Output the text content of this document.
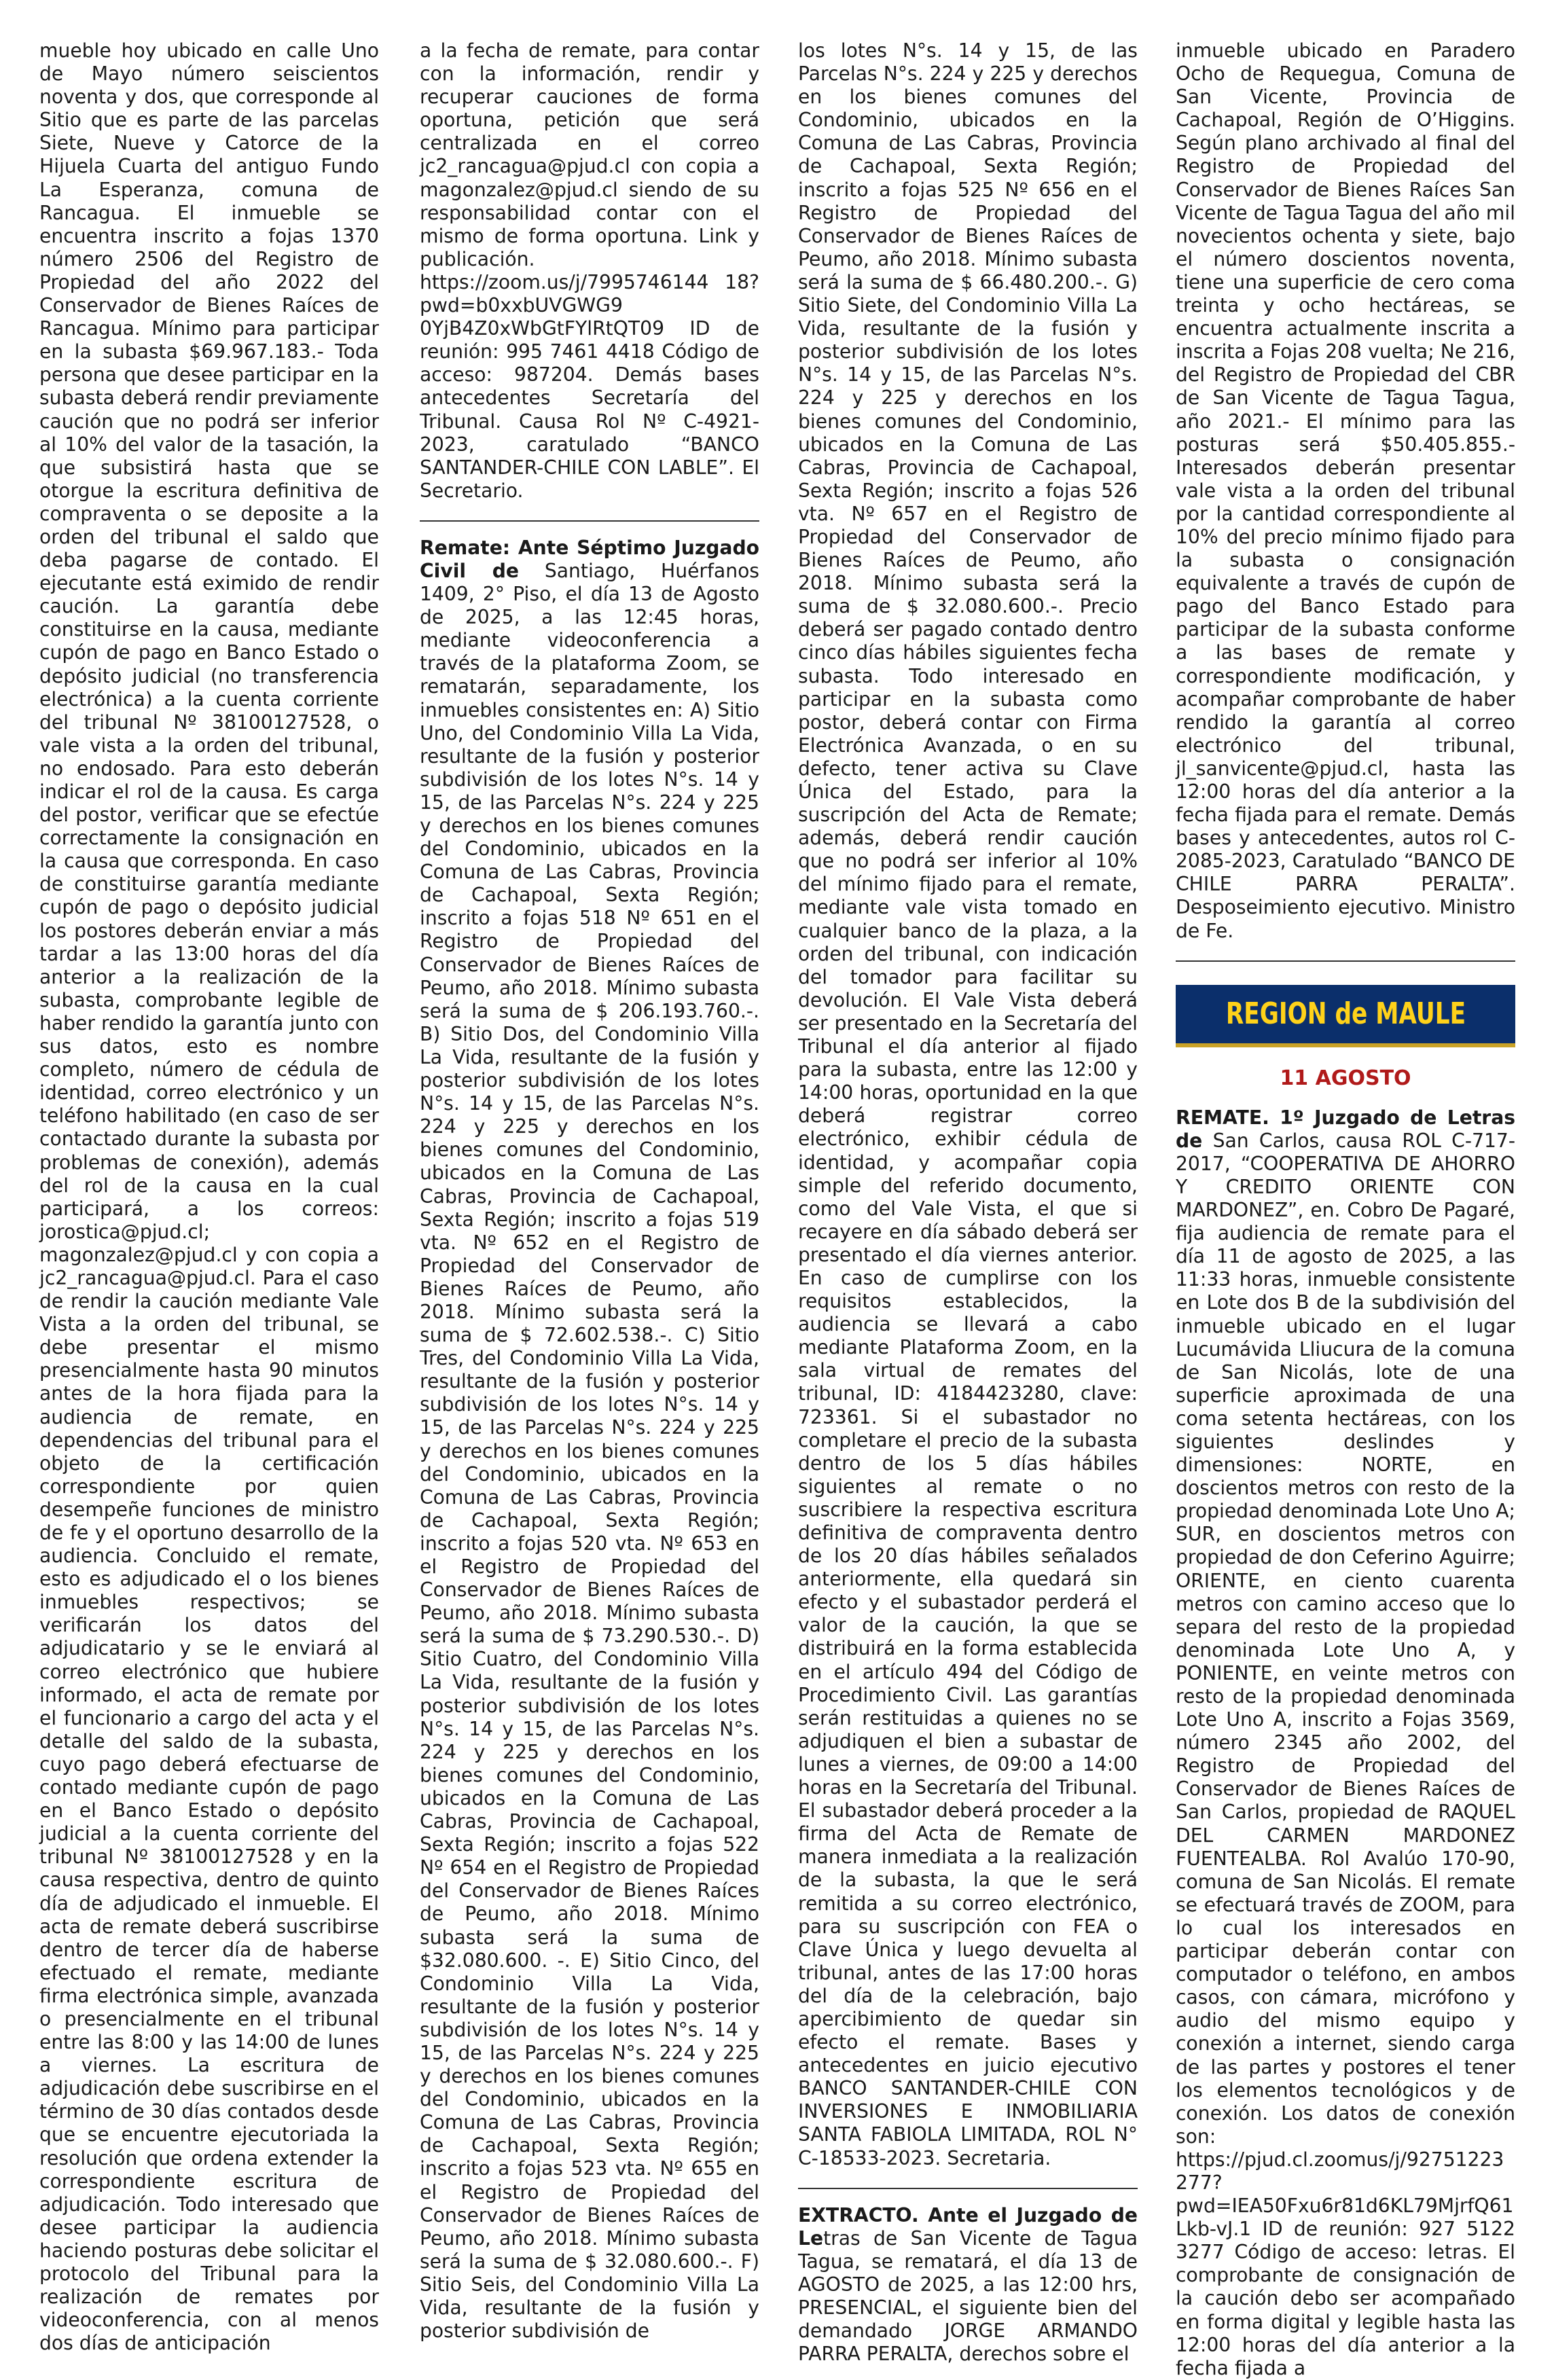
mueble hoy ubicado en calle Uno de Mayo número seiscientos noventa y dos, que corresponde al Sitio que es parte de las parcelas Siete, Nueve y Catorce de la Hijuela Cuarta del antiguo Fundo La Esperanza, comuna de Rancagua. El inmueble se encuentra inscrito a fojas 1370 número 2506 del Registro de Propiedad del año 2022 del Conservador de Bienes Raíces de Rancagua. Mínimo para participar en la subasta $69.967.183.- Toda persona que desee participar en la subasta deberá rendir previamente caución que no podrá ser inferior al 10% del valor de la tasación, la que subsistirá hasta que se otorgue la escritura definitiva de compraventa o se deposite a la orden del tribunal el saldo que deba pagarse de contado. El ejecutante está eximido de rendir caución. La garantía debe constituirse en la causa, mediante cupón de pago en Banco Estado o depósito judicial (no transferencia electrónica) a la cuenta corriente del tribunal Nº 38100127528, o vale vista a la orden del tribunal, no endosado. Para esto deberán indicar el rol de la causa. Es carga del postor, verificar que se efectúe correctamente la consignación en la causa que corresponda. En caso de constituirse garantía mediante cupón de pago o depósito judicial los postores deberán enviar a más tardar a las 13:00 horas del día anterior a la realización de la subasta, comprobante legible de haber rendido la garantía junto con sus datos, esto es nombre completo, número de cédula de identidad, correo electrónico y un teléfono habilitado (en caso de ser contactado durante la subasta por problemas de conexión), además del rol de la causa en la cual participará, a los correos: jorostica@pjud.cl; magonzalez@pjud.cl y con copia a jc2_rancagua@pjud.cl. Para el caso de rendir la caución mediante Vale Vista a la orden del tribunal, se debe presentar el mismo presencialmente hasta 90 minutos antes de la hora fijada para la audiencia de remate, en dependencias del tribunal para el objeto de la certificación correspondiente por quien desempeñe funciones de ministro de fe y el oportuno desarrollo de la audiencia. Concluido el remate, esto es adjudicado el o los bienes inmuebles respectivos; se verificarán los datos del adjudicatario y se le enviará al correo electrónico que hubiere informado, el acta de remate por el funcionario a cargo del acta y el detalle del saldo de la subasta, cuyo pago deberá efectuarse de contado mediante cupón de pago en el Banco Estado o depósito judicial a la cuenta corriente del tribunal Nº 38100127528 y en la causa respectiva, dentro de quinto día de adjudicado el inmueble. El acta de remate deberá suscribirse dentro de tercer día de haberse efectuado el remate, mediante firma electrónica simple, avanzada o presencialmente en el tribunal entre las 8:00 y las 14:00 de lunes a viernes. La escritura de adjudicación debe suscribirse en el término de 30 días contados desde que se encuentre ejecutoriada la resolución que ordena extender la correspondiente escritura de adjudicación. Todo interesado que desee participar la audiencia haciendo posturas debe solicitar el protocolo del Tribunal para la realización de remates por videoconferencia, con al menos dos días de anticipación

a la fecha de remate, para contar con la información, rendir y recuperar cauciones de forma oportuna, petición que será centralizada en el correo jc2_rancagua@pjud.cl con copia a magonzalez@pjud.cl siendo de su responsabilidad contar con el mismo de forma oportuna. Link y publicación. https://zoom.us/j/7995746144 18?pwd=b0xxbUVGWG9 0YjB4Z0xWbGtFYlRtQT09 ID de reunión: 995 7461 4418 Código de acceso: 987204. Demás bases antecedentes Secretaría del Tribunal. Causa Rol Nº C-4921-2023, caratulado “BANCO SANTANDER-CHILE CON LABLE”. El Secretario.

Remate: Ante Séptimo Juzgado Civil de Santiago, Huérfanos 1409, 2° Piso, el día 13 de Agosto de 2025, a las 12:45 horas, mediante videoconferencia a través de la plataforma Zoom, se rematarán, separadamente, los inmuebles consistentes en: A) Sitio Uno, del Condominio Villa La Vida, resultante de la fusión y posterior subdivisión de los lotes N°s. 14 y 15, de las Parcelas N°s. 224 y 225 y derechos en los bienes comunes del Condominio, ubicados en la Comuna de Las Cabras, Provincia de Cachapoal, Sexta Región; inscrito a fojas 518 Nº 651 en el Registro de Propiedad del Conservador de Bienes Raíces de Peumo, año 2018. Mínimo subasta será la suma de $ 206.193.760.-. B) Sitio Dos, del Condominio Villa La Vida, resultante de la fusión y posterior subdivisión de los lotes N°s. 14 y 15, de las Parcelas N°s. 224 y 225 y derechos en los bienes comunes del Condominio, ubicados en la Comuna de Las Cabras, Provincia de Cachapoal, Sexta Región; inscrito a fojas 519 vta. Nº 652 en el Registro de Propiedad del Conservador de Bienes Raíces de Peumo, año 2018. Mínimo subasta será la suma de $ 72.602.538.-. C) Sitio Tres, del Condominio Villa La Vida, resultante de la fusión y posterior subdivisión de los lotes N°s. 14 y 15, de las Parcelas N°s. 224 y 225 y derechos en los bienes comunes del Condominio, ubicados en la Comuna de Las Cabras, Provincia de Cachapoal, Sexta Región; inscrito a fojas 520 vta. Nº 653 en el Registro de Propiedad del Conservador de Bienes Raíces de Peumo, año 2018. Mínimo subasta será la suma de $ 73.290.530.-. D) Sitio Cuatro, del Condominio Villa La Vida, resultante de la fusión y posterior subdivisión de los lotes N°s. 14 y 15, de las Parcelas N°s. 224 y 225 y derechos en los bienes comunes del Condominio, ubicados en la Comuna de Las Cabras, Provincia de Cachapoal, Sexta Región; inscrito a fojas 522 Nº 654 en el Registro de Propiedad del Conservador de Bienes Raíces de Peumo, año 2018. Mínimo subasta será la suma de $32.080.600. -. E) Sitio Cinco, del Condominio Villa La Vida, resultante de la fusión y posterior subdivisión de los lotes N°s. 14 y 15, de las Parcelas N°s. 224 y 225 y derechos en los bienes comunes del Condominio, ubicados en la Comuna de Las Cabras, Provincia de Cachapoal, Sexta Región; inscrito a fojas 523 vta. Nº 655 en el Registro de Propiedad del Conservador de Bienes Raíces de Peumo, año 2018. Mínimo subasta será la suma de $ 32.080.600.-. F) Sitio Seis, del Condominio Villa La Vida, resultante de la fusión y posterior subdivisión de

los lotes N°s. 14 y 15, de las Parcelas N°s. 224 y 225 y derechos en los bienes comunes del Condominio, ubicados en la Comuna de Las Cabras, Provincia de Cachapoal, Sexta Región; inscrito a fojas 525 Nº 656 en el Registro de Propiedad del Conservador de Bienes Raíces de Peumo, año 2018. Mínimo subasta será la suma de $ 66.480.200.-. G) Sitio Siete, del Condominio Villa La Vida, resultante de la fusión y posterior subdivisión de los lotes N°s. 14 y 15, de las Parcelas N°s. 224 y 225 y derechos en los bienes comunes del Condominio, ubicados en la Comuna de Las Cabras, Provincia de Cachapoal, Sexta Región; inscrito a fojas 526 vta. Nº 657 en el Registro de Propiedad del Conservador de Bienes Raíces de Peumo, año 2018. Mínimo subasta será la suma de $ 32.080.600.-. Precio deberá ser pagado contado dentro cinco días hábiles siguientes fecha subasta. Todo interesado en participar en la subasta como postor, deberá contar con Firma Electrónica Avanzada, o en su defecto, tener activa su Clave Única del Estado, para la suscripción del Acta de Remate; además, deberá rendir caución que no podrá ser inferior al 10% del mínimo fijado para el remate, mediante vale vista tomado en cualquier banco de la plaza, a la orden del tribunal, con indicación del tomador para facilitar su devolución. El Vale Vista deberá ser presentado en la Secretaría del Tribunal el día anterior al fijado para la subasta, entre las 12:00 y 14:00 horas, oportunidad en la que deberá registrar correo electrónico, exhibir cédula de identidad, y acompañar copia simple del referido documento, como del Vale Vista, el que si recayere en día sábado deberá ser presentado el día viernes anterior. En caso de cumplirse con los requisitos establecidos, la audiencia se llevará a cabo mediante Plataforma Zoom, en la sala virtual de remates del tribunal, ID: 4184423280, clave: 723361. Si el subastador no completare el precio de la subasta dentro de los 5 días hábiles siguientes al remate o no suscribiere la respectiva escritura definitiva de compraventa dentro de los 20 días hábiles señalados anteriormente, ella quedará sin efecto y el subastador perderá el valor de la caución, la que se distribuirá en la forma establecida en el artículo 494 del Código de Procedimiento Civil. Las garantías serán restituidas a quienes no se adjudiquen el bien a subastar de lunes a viernes, de 09:00 a 14:00 horas en la Secretaría del Tribunal. El subastador deberá proceder a la firma del Acta de Remate de manera inmediata a la realización de la subasta, la que le será remitida a su correo electrónico, para su suscripción con FEA o Clave Única y luego devuelta al tribunal, antes de las 17:00 horas del día de la celebración, bajo apercibimiento de quedar sin efecto el remate. Bases y antecedentes en juicio ejecutivo BANCO SANTANDER-CHILE CON INVERSIONES E INMOBILIARIA SANTA FABIOLA LIMITADA, ROL N° C-18533-2023. Secretaria.

EXTRACTO. Ante el Juzgado de Letras de San Vicente de Tagua Tagua, se rematará, el día 13 de AGOSTO de 2025, a las 12:00 hrs, PRESENCIAL, el siguiente bien del demandado JORGE ARMANDO PARRA PERALTA, derechos sobre el

inmueble ubicado en Paradero Ocho de Requegua, Comuna de San Vicente, Provincia de Cachapoal, Región de O’Higgins. Según plano archivado al final del Registro de Propiedad del Conservador de Bienes Raíces San Vicente de Tagua Tagua del año mil novecientos ochenta y siete, bajo el número doscientos noventa, tiene una superficie de cero coma treinta y ocho hectáreas, se encuentra actualmente inscrita a inscrita a Fojas 208 vuelta; Ne 216, del Registro de Propiedad del CBR de San Vicente de Tagua Tagua, año 2021.- El mínimo para las posturas será $50.405.855.-Interesados deberán presentar vale vista a la orden del tribunal por la cantidad correspondiente al 10% del precio mínimo fijado para la subasta o consignación equivalente a través de cupón de pago del Banco Estado para participar de la subasta conforme a las bases de remate y correspondiente modificación, y acompañar comprobante de haber rendido la garantía al correo electrónico del tribunal, jl_sanvicente@pjud.cl, hasta las 12:00 horas del día anterior a la fecha fijada para el remate. Demás bases y antecedentes, autos rol C-2085-2023, Caratulado “BANCO DE CHILE PARRA PERALTA”. Desposeimiento ejecutivo. Ministro de Fe.

REGION de MAULE
11 AGOSTO

REMATE. 1º Juzgado de Letras de San Carlos, causa ROL C-717-2017, “COOPERATIVA DE AHORRO Y CREDITO ORIENTE CON MARDONEZ”, en. Cobro De Pagaré, fija audiencia de remate para el día 11 de agosto de 2025, a las 11:33 horas, inmueble consistente en Lote dos B de la subdivisión del inmueble ubicado en el lugar Lucumávida Lliucura de la comuna de San Nicolás, lote de una superficie aproximada de una coma setenta hectáreas, con los siguientes deslindes y dimensiones: NORTE, en doscientos metros con resto de la propiedad denominada Lote Uno A; SUR, en doscientos metros con propiedad de don Ceferino Aguirre; ORIENTE, en ciento cuarenta metros con camino acceso que lo separa del resto de la propiedad denominada Lote Uno A, y PONIENTE, en veinte metros con resto de la propiedad denominada Lote Uno A, inscrito a Fojas 3569, número 2345 año 2002, del Registro de Propiedad del Conservador de Bienes Raíces de San Carlos, propiedad de RAQUEL DEL CARMEN MARDONEZ FUENTEALBA. Rol Avalúo 170-90, comuna de San Nicolás. El remate se efectuará través de ZOOM, para lo cual los interesados en participar deberán contar con computador o teléfono, en ambos casos, con cámara, micrófono y audio del mismo equipo y conexión a internet, siendo carga de las partes y postores el tener los elementos tecnológicos y de conexión. Los datos de conexión son: https://pjud.cl.zoomus/j/92751223277?pwd=IEA50Fxu6r81d6KL79MjrfQ61Lkb-vJ.1 ID de reunión: 927 5122 3277 Código de acceso: letras. El comprobante de consignación de la caución debo ser acompañado en forma digital y legible hasta las 12:00 horas del día anterior a la fecha fijada a
